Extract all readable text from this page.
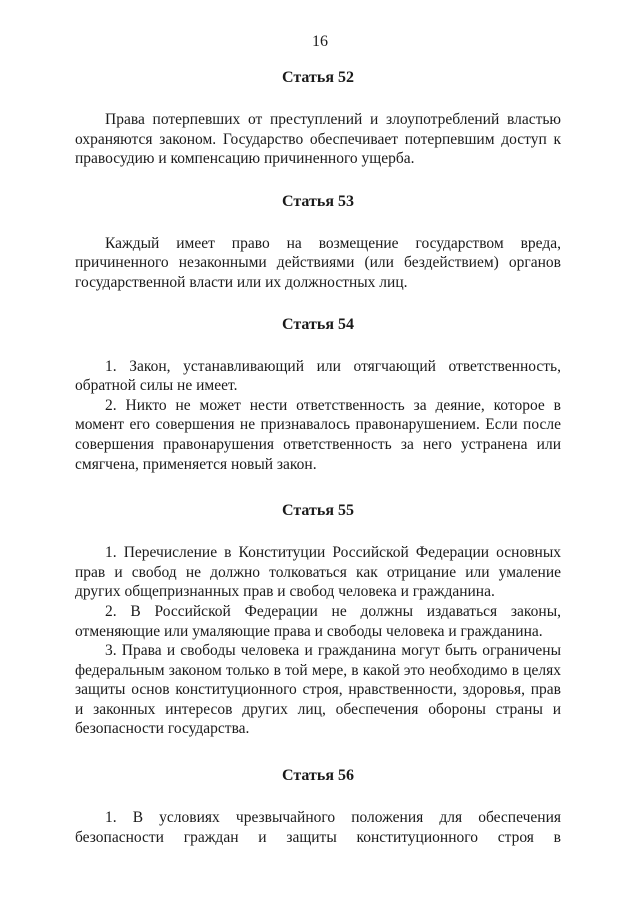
16
Статья 52

Права потерпевших от преступлений и злоупотреблений властью охраняются законом. Государство обеспечивает потерпевшим доступ к правосудию и компенсацию причиненного ущерба.

Статья 53

Каждый имеет право на возмещение государством вреда, причиненного незаконными действиями (или бездействием) органов государственной власти или их должностных лиц.

Статья 54

1. Закон, устанавливающий или отягчающий ответственность, обратной силы не имеет.

2. Никто не может нести ответственность за деяние, которое в момент его совершения не признавалось правонарушением. Если после совершения правонарушения ответственность за него устранена или смягчена, применяется новый закон.

Статья 55

1. Перечисление в Конституции Российской Федерации основных прав и свобод не должно толковаться как отрицание или умаление других общепризнанных прав и свобод человека и гражданина.

2. В Российской Федерации не должны издаваться законы, отменяющие или умаляющие права и свободы человека и гражданина.

3. Права и свободы человека и гражданина могут быть ограничены федеральным законом только в той мере, в какой это необходимо в целях защиты основ конституционного строя, нравственности, здоровья, прав и законных интересов других лиц, обеспечения обороны страны и безопасности государства.

Статья 56

1. В условиях чрезвычайного положения для обеспечения безопасности граждан и защиты конституционного строя в
